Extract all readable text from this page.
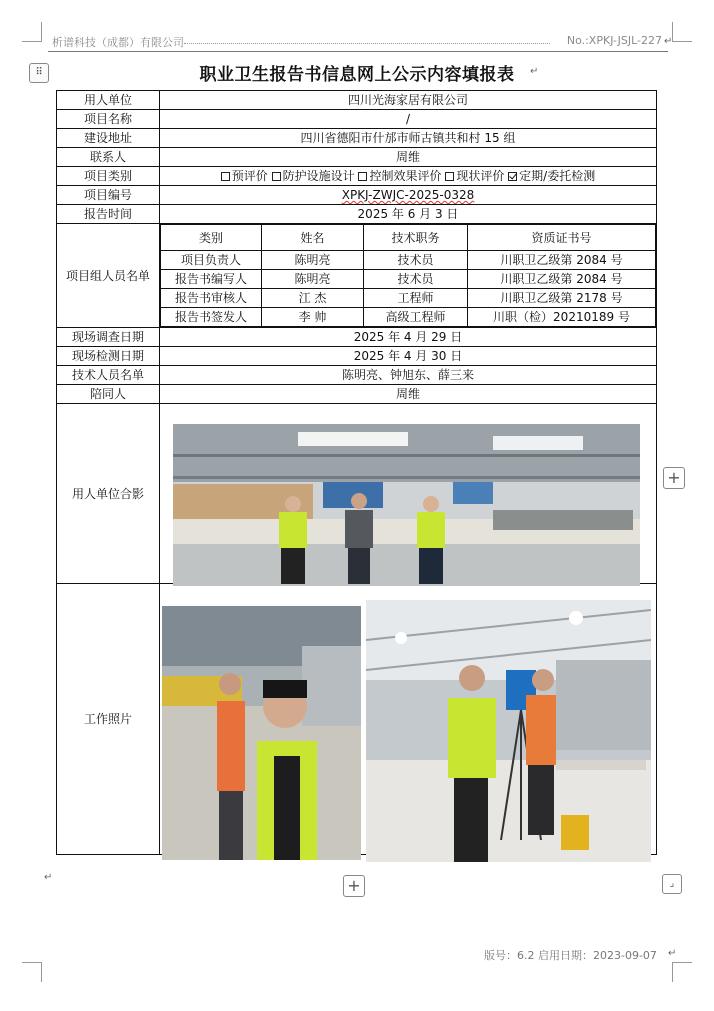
析谱科技（成都）有限公司	No.:XPKJ-JSJL-227
⠿	职业卫生报告书信息网上公示内容填报表
用人单位	四川光海家居有限公司
项目名称	/
建设地址	四川省德阳市什邡市师古镇共和村 15 组
联系人	周维
项目类别	预评价 防护设施设计 控制效果评价 现状评价 定期/委托检测
项目编号	XPKJ-ZWJC-2025-0328
报告时间	2025 年 6 月 3 日
项目组人员名单	
类别	姓名	技术职务	资质证书号
项目负责人	陈明亮	技术员	川职卫乙级第 2084 号
报告书编写人	陈明亮	技术员	川职卫乙级第 2084 号
报告书审核人	江 杰	工程师	川职卫乙级第 2178 号
报告书签发人	李 帅	高级工程师	川职（检）20210189 号

现场调查日期	2025 年 4 月 29 日
现场检测日期	2025 年 4 月 30 日
技术人员名单	陈明亮、钟旭东、薛三来
陪同人	周维
用人单位合影	
工作照片	
↵
↵
↵
↵
+
+	⌟
版号：6.2 启用日期：2023-09-07
